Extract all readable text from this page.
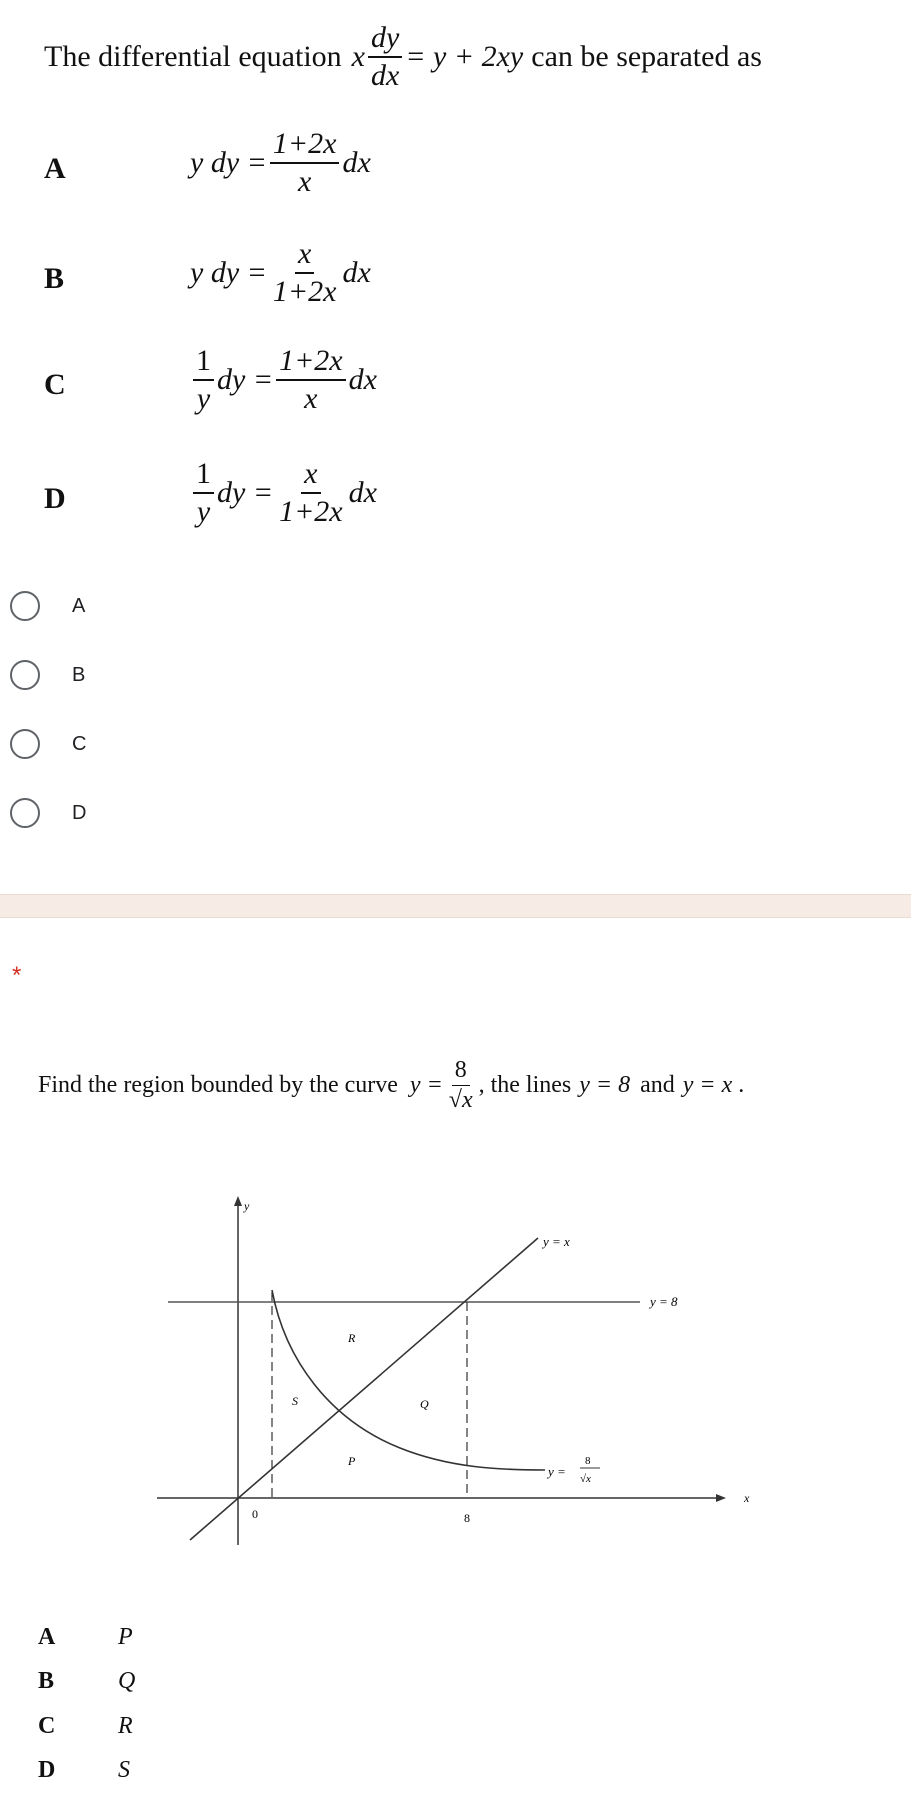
The differential equation x $\frac{dy}{dx} = y + 2xy$ can be separated as
A	y dy = $\frac{1+2x}{x}$ dx
B	y dy = $\frac{x}{1+2x}$ dx
C	$\frac{1}{y}$ dy = $\frac{1+2x}{x}$ dx
D	$\frac{1}{y}$ dy = $\frac{x}{1+2x}$ dx
A
B
C
D
*
Find the region bounded by the curve $y = \frac{8}{√x}$ , the lines y = 8 and y = x .
y
x
y = x
y = 8
y =
8
√x
0	8
R
S	Q
P
A	P
B	Q
C	R
D	S
